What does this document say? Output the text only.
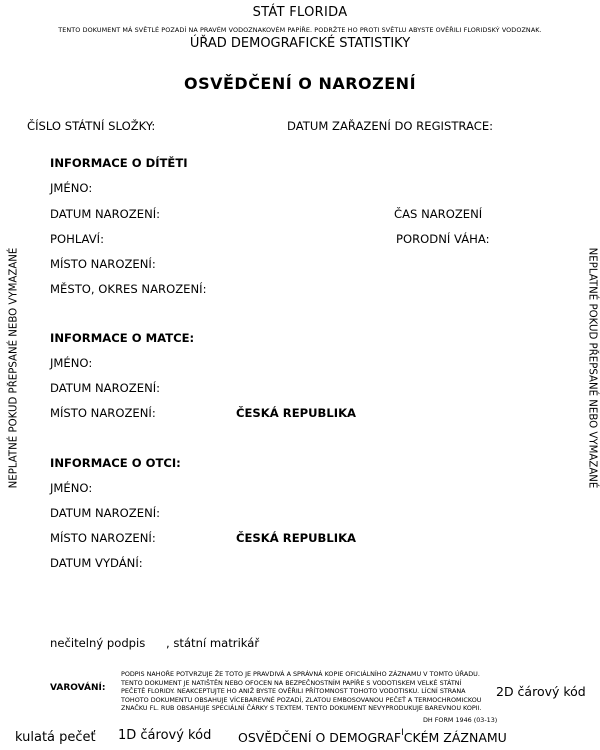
STÁT FLORIDA
TENTO DOKUMENT MÁ SVĚTLÉ POZADÍ NA PRAVÉM VODOZNAKOVÉM PAPÍŘE. PODRŽTE HO PROTI SVĚTLU ABYSTE OVĚŘILI FLORIDSKÝ VODOZNAK.
ÚŘAD DEMOGRAFICKÉ STATISTIKY
OSVĚDČENÍ O NAROZENÍ
NEPLATNÉ POKUD PŘEPSANÉ NEBO VYMAZANÉ	NEPLATNÉ POKUD PŘEPSANÉ NEBO VYMAZANÉ
ČÍSLO STÁTNÍ SLOŽKY:	DATUM ZAŘAZENÍ DO REGISTRACE:
INFORMACE O DÍTĚTI
JMÉNO:
DATUM NAROZENÍ:	ČAS NAROZENÍ
POHLAVÍ:	PORODNÍ VÁHA:
MÍSTO NAROZENÍ:
MĚSTO, OKRES NAROZENÍ:
INFORMACE O MATCE:
JMÉNO:
DATUM NAROZENÍ:
MÍSTO NAROZENÍ:	ČESKÁ REPUBLIKA
INFORMACE O OTCI:
JMÉNO:
DATUM NAROZENÍ:
MÍSTO NAROZENÍ:	ČESKÁ REPUBLIKA
DATUM VYDÁNÍ:
nečitelný podpis , státní matrikář
VAROVÁNÍ:
PODPIS NAHOŘE POTVRZUJE ŽE TOTO JE PRAVDIVÁ A SPRÁVNÁ KOPIE OFICIÁLNÍHO ZÁZNAMU V TOMTO ÚŘADU.
TENTO DOKUMENT JE NATIŠTĚN NEBO OFOCEN NA BEZPEČNOSTNÍM PAPÍŘE S VODOTISKEM VELKÉ STÁTNÍ
PEČETĚ FLORIDY. NEAKCEPTUJTE HO ANIŽ BYSTE OVĚŘILI PŘÍTOMNOST TOHOTO VODOTISKU. LÍCNÍ STRANA
TOHOTO DOKUMENTU OBSAHUJE VÍCEBAREVNÉ POZADÍ, ZLATOU EMBOSOVANOU PEČEŤ A TERMOCHROMICKOU
ZNAČKU FL. RUB OBSAHUJE SPECIÁLNÍ ČÁRKY S TEXTEM. TENTO DOKUMENT NEVYPRODUKUJE BAREVNOU KOPII.
2D čárový kód
DH FORM 1946 (03-13)
kulatá pečeť 1D čárový kód OSVĚDČENÍ O $DEMOGRAF^ICKÉM$ ZÁZNAMU
